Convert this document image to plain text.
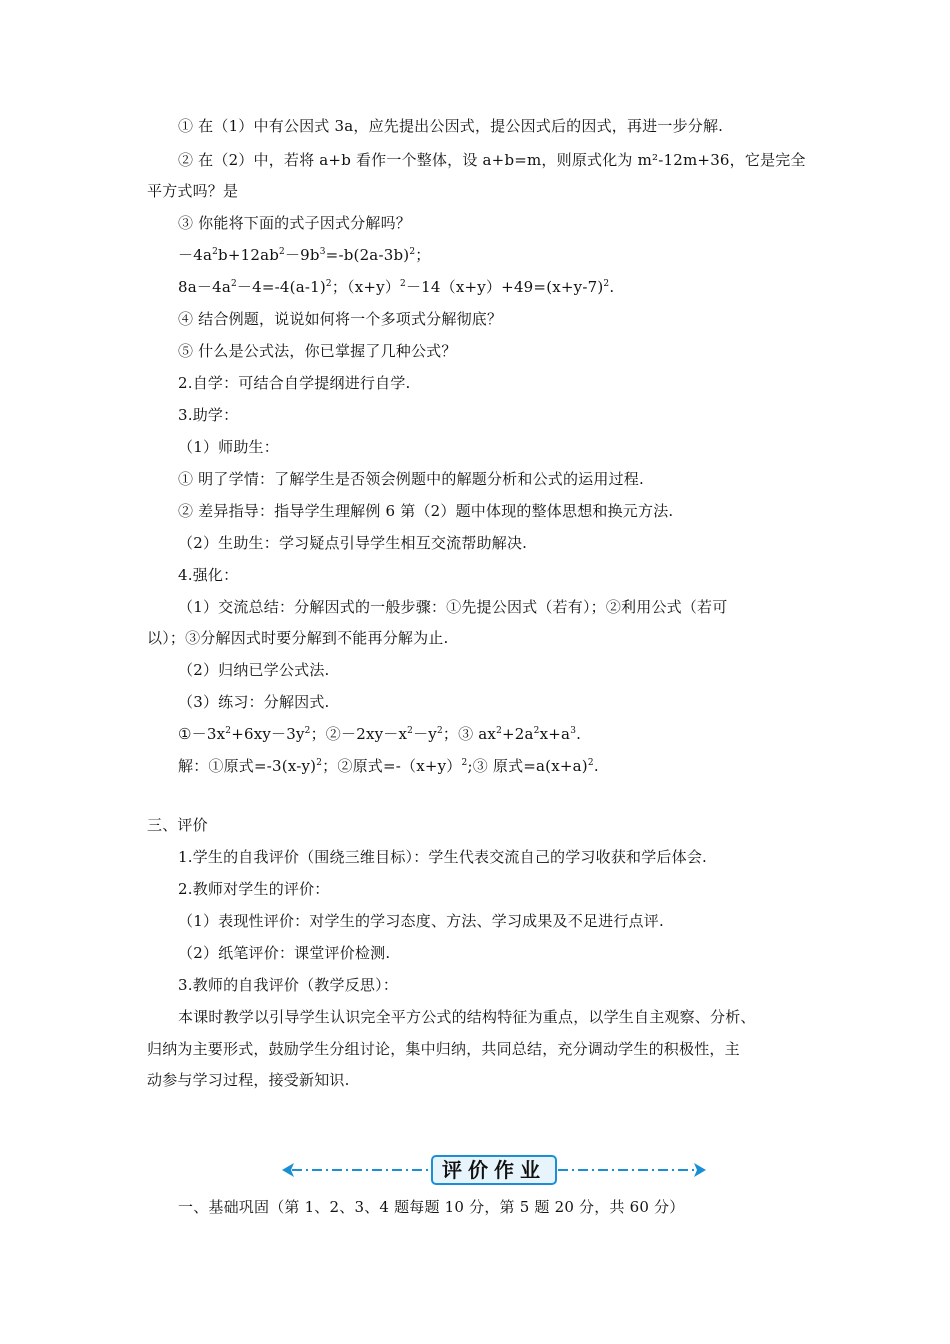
① 在（1）中有公因式 3a，应先提出公因式，提公因式后的因式，再进一步分解.
② 在（2）中，若将 a+b 看作一个整体，设 a+b=m，则原式化为 m²-12m+36，它是完全
平方式吗？是
③ 你能将下面的式子因式分解吗？
$-4a^2b+12ab^2-9b^3=-b(2a-3b)^2$；
$8a-4a^2-4=-4(a-1)^2$；$(x+y)^2-14(x+y)+49=(x+y-7)^2$.
④ 结合例题，说说如何将一个多项式分解彻底？
⑤ 什么是公式法，你已掌握了几种公式？
2.自学：可结合自学提纲进行自学.
3.助学：
（1）师助生：
① 明了学情：了解学生是否领会例题中的解题分析和公式的运用过程.
② 差异指导：指导学生理解例 6 第（2）题中体现的整体思想和换元方法.
（2）生助生：学习疑点引导学生相互交流帮助解决.
4.强化：
（1）交流总结：分解因式的一般步骤：①先提公因式（若有）；②利用公式（若可
以）；③分解因式时要分解到不能再分解为止.
（2）归纳已学公式法.
（3）练习：分解因式.
$①-3x^2+6xy-3y^2$；$②-2xy-x^2-y^2$；③ $ax^2+2a^2x+a^3$.
解：①原式$=-3(x-y)^2$；②原式$=-(x+y)^2;③$ 原式$=a(x+a)^2$.
三、评价
1.学生的自我评价（围绕三维目标）：学生代表交流自己的学习收获和学后体会.
2.教师对学生的评价：
（1）表现性评价：对学生的学习态度、方法、学习成果及不足进行点评.
（2）纸笔评价：课堂评价检测.
3.教师的自我评价（教学反思）：
本课时教学以引导学生认识完全平方公式的结构特征为重点，以学生自主观察、分析、
归纳为主要形式，鼓励学生分组讨论，集中归纳，共同总结，充分调动学生的积极性，主
动参与学习过程，接受新知识.
评价作业
一、基础巩固（第 1、2、3、4 题每题 10 分，第 5 题 20 分，共 60 分）
